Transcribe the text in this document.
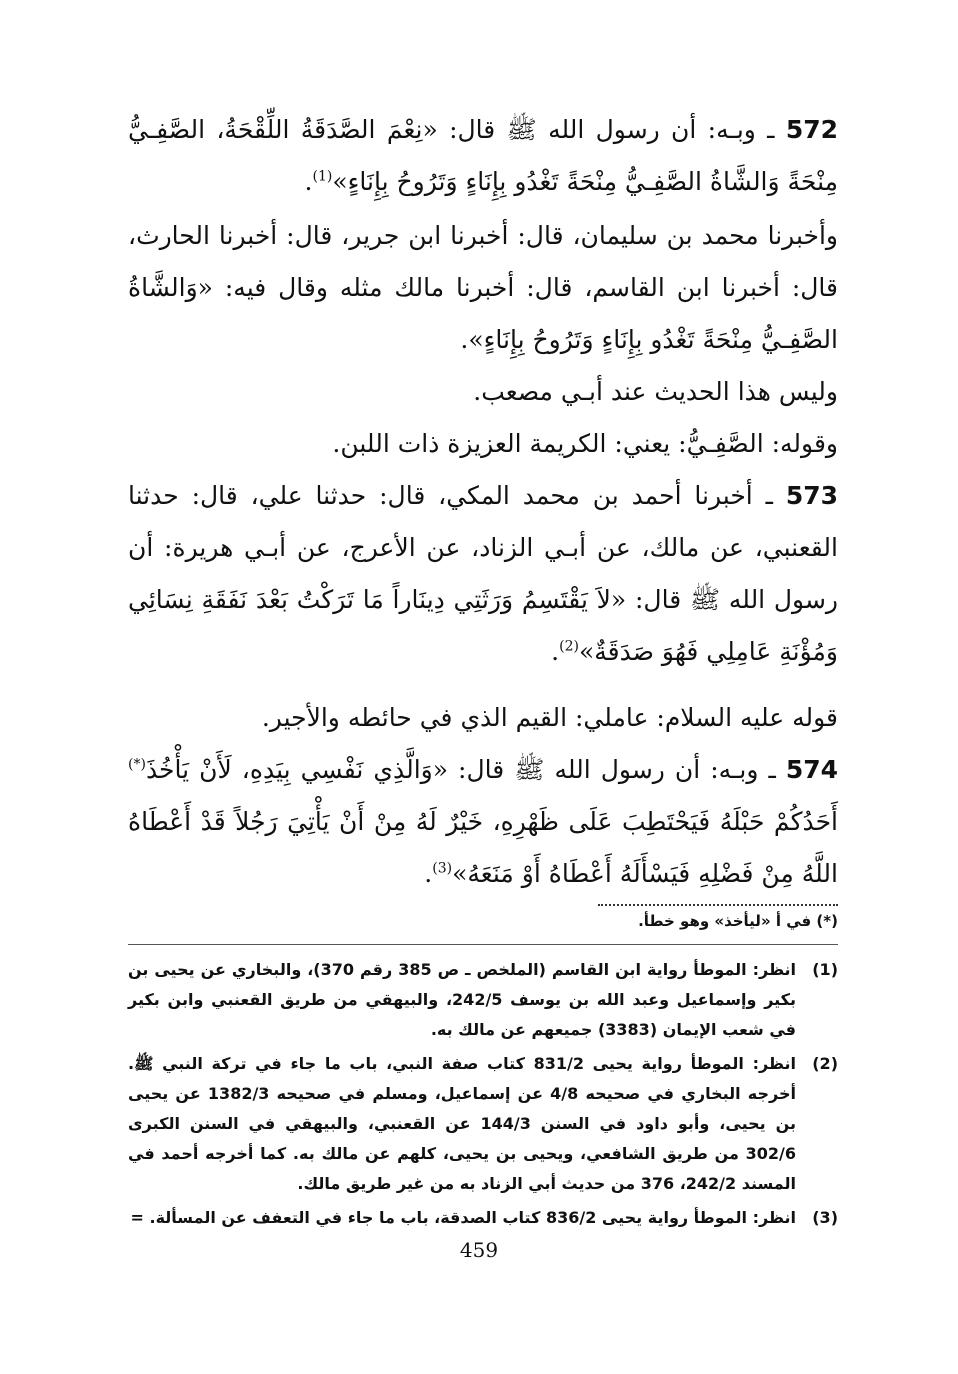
572 ـ وبـه: أن رسول الله ﷺ قال: «نِعْمَ الصَّدَقَةُ اللِّقْحَةُ، الصَّفِـيُّ مِنْحَةً وَالشَّاةُ الصَّفِـيُّ مِنْحَةً تَغْدُو بِإِنَاءٍ وَتَرُوحُ بِإِنَاءٍ»$^{(1)}$.

وأخبرنا محمد بن سليمان، قال: أخبرنا ابن جرير، قال: أخبرنا الحارث، قال: أخبرنا ابن القاسم، قال: أخبرنا مالك مثله وقال فيه: «وَالشَّاةُ الصَّفِـيُّ مِنْحَةً تَغْدُو بِإِنَاءٍ وَتَرُوحُ بِإِنَاءٍ».

وليس هذا الحديث عند أبـي مصعب.

وقوله: الصَّفِـيُّ: يعني: الكريمة العزيزة ذات اللبن.

573 ـ أخبرنا أحمد بن محمد المكي، قال: حدثنا علي، قال: حدثنا القعنبي، عن مالك، عن أبـي الزناد، عن الأعرج، عن أبـي هريرة: أن رسول الله ﷺ قال: «لاَ يَقْتَسِمُ وَرَثَتِي دِينَاراً مَا تَرَكْتُ بَعْدَ نَفَقَةِ نِسَائِي وَمُؤْنَةِ عَامِلِي فَهُوَ صَدَقَةٌ»$^{(2)}$.

قوله عليه السلام: عاملي: القيم الذي في حائطه والأجير.

574 ـ وبـه: أن رسول الله ﷺ قال: «وَالَّذِي نَفْسِي بِيَدِهِ، لَأَنْ يَأْخُذَ(*) أَحَدُكُمْ حَبْلَهُ فَيَحْتَطِبَ عَلَى ظَهْرِهِ، خَيْرٌ لَهُ مِنْ أَنْ يَأْتِيَ رَجُلاً قَدْ أَعْطَاهُ اللَّهُ مِنْ فَضْلِهِ فَيَسْأَلَهُ أَعْطَاهُ أَوْ مَنَعَهُ»$^{(3)}$.

(*) في أ «ليأخذ» وهو خطأ.
(1)
انظر: الموطأ رواية ابن القاسم (الملخص ـ ص 385 رقم 370)، والبخاري عن يحيى بن بكير وإسماعيل وعبد الله بن يوسف 242/5، والبيهقي من طريق القعنبي وابن بكير في شعب الإيمان (3383) جميعهم عن مالك به.
(2)
انظر: الموطأ رواية يحيى 831/2 كتاب صفة النبي، باب ما جاء في تركة النبي ﷺ. أخرجه البخاري في صحيحه 4/8 عن إسماعيل، ومسلم في صحيحه 1382/3 عن يحيى بن يحيى، وأبو داود في السنن 144/3 عن القعنبي، والبيهقي في السنن الكبرى 302/6 من طريق الشافعي، ويحيى بن يحيى، كلهم عن مالك به. كما أخرجه أحمد في المسند 242/2، 376 من حديث أبي الزناد به من غير طريق مالك.
(3)
انظر: الموطأ رواية يحيى 836/2 كتاب الصدقة، باب ما جاء في التعفف عن المسألة. =
459
